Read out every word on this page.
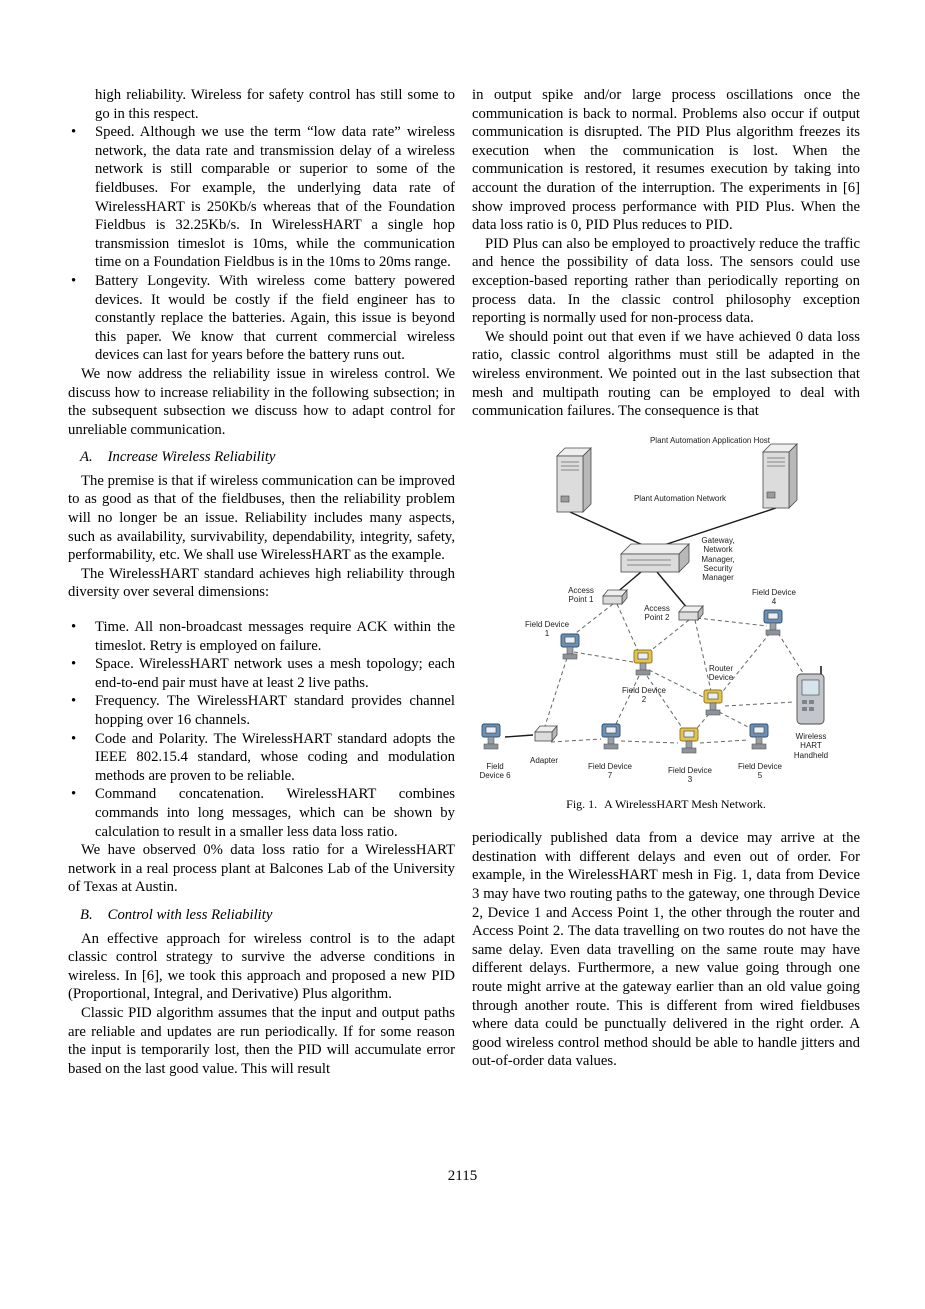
high reliability. Wireless for safety control has still some to go in this respect.
• Speed. Although we use the term “low data rate” wireless network, the data rate and transmission delay of a wireless network is still comparable or superior to some of the fieldbuses. For example, the underlying data rate of WirelessHART is 250Kb/s whereas that of the Foundation Fieldbus is 32.25Kb/s. In WirelessHART a single hop transmission timeslot is 10ms, while the communication time on a Foundation Fieldbus is in the 10ms to 20ms range.
• Battery Longevity. With wireless come battery powered devices. It would be costly if the field engineer has to constantly replace the batteries. Again, this issue is beyond this paper. We know that current commercial wireless devices can last for years before the battery runs out.

We now address the reliability issue in wireless control. We discuss how to increase reliability in the following subsection; in the subsequent subsection we discuss how to adapt control for unreliable communication.

A. Increase Wireless Reliability

The premise is that if wireless communication can be improved to as good as that of the fieldbuses, then the reliability problem will no longer be an issue. Reliability includes many aspects, such as availability, survivability, dependability, integrity, safety, performability, etc. We shall use WirelessHART as the example.

The WirelessHART standard achieves high reliability through diversity over several dimensions:

• Time. All non-broadcast messages require ACK within the timeslot. Retry is employed on failure.
• Space. WirelessHART network uses a mesh topology; each end-to-end pair must have at least 2 live paths.
• Frequency. The WirelessHART standard provides channel hopping over 16 channels.
• Code and Polarity. The WirelessHART standard adopts the IEEE 802.15.4 standard, whose coding and modulation methods are proven to be reliable.
• Command concatenation. WirelessHART combines commands into long messages, which can be shown by calculation to result in a smaller less data loss ratio.

We have observed 0% data loss ratio for a WirelessHART network in a real process plant at Balcones Lab of the University of Texas at Austin.

B. Control with less Reliability

An effective approach for wireless control is to the adapt classic control strategy to survive the adverse conditions in wireless. In [6], we took this approach and proposed a new PID (Proportional, Integral, and Derivative) Plus algorithm.

Classic PID algorithm assumes that the input and output paths are reliable and updates are run periodically. If for some reason the input is temporarily lost, then the PID will accumulate error based on the last good value. This will result

in output spike and/or large process oscillations once the communication is back to normal. Problems also occur if output communication is disrupted. The PID Plus algorithm freezes its execution when the communication is lost. When the communication is restored, it resumes execution by taking into account the duration of the interruption. The experiments in [6] show improved process performance with PID Plus. When the data loss ratio is 0, PID Plus reduces to PID.

PID Plus can also be employed to proactively reduce the traffic and hence the possibility of data loss. The sensors could use exception-based reporting rather than periodically reporting on process data. In the classic control philosophy exception reporting is normally used for non-process data.

We should point out that even if we have achieved 0 data loss ratio, classic control algorithms must still be adapted in the wireless environment. We pointed out in the last subsection that mesh and multipath routing can be employed to deal with communication failures. The consequence is that

Plant Automation Application Host
Plant Automation Network
Gateway, Network Manager, Security Manager
Access Point 1
Access Point 2
Field Device 1
Field Device 4
Field Device 2
Router Device
Field Device 6
Adapter
Field Device 7
Field Device 3
Field Device 5
Wireless HART Handheld
Fig. 1. A WirelessHART Mesh Network.

periodically published data from a device may arrive at the destination with different delays and even out of order. For example, in the WirelessHART mesh in Fig. 1, data from Device 3 may have two routing paths to the gateway, one through Device 2, Device 1 and Access Point 1, the other through the router and Access Point 2. The data travelling on two routes do not have the same delay. Even data travelling on the same route may have different delays. Furthermore, a new value going through one route might arrive at the gateway earlier than an old value going through another route. This is different from wired fieldbuses where data could be punctually delivered in the right order. A good wireless control method should be able to handle jitters and out-of-order data values.

2115
